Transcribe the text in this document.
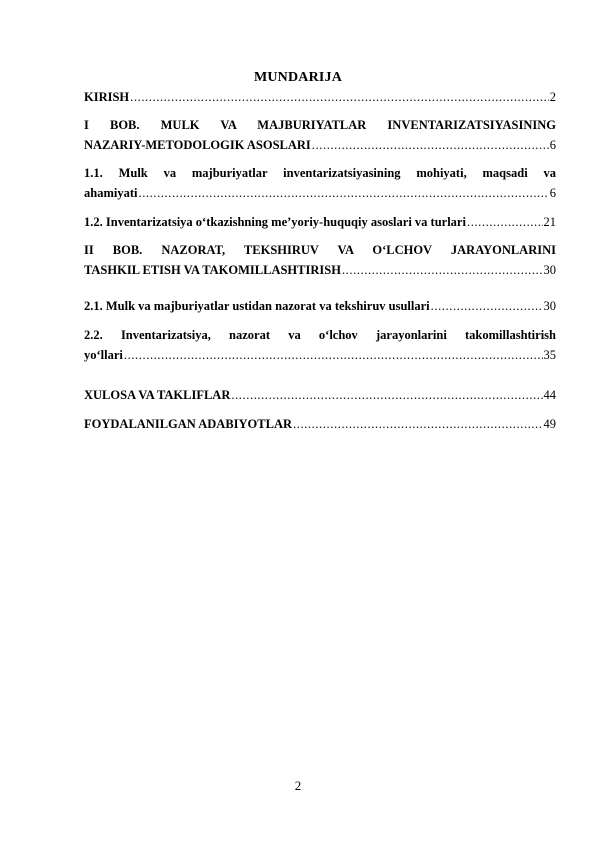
MUNDARIJA
KIRISH .....	2
I BOB. MULK VA MAJBURIYATLAR INVENTARIZATSIYASINING
NAZARIY-METODOLOGIK ASOSLARI .....	6
1.1. Mulk va majburiyatlar inventarizatsiyasining mohiyati, maqsadi va
ahamiyati .....	6
1.2. Inventarizatsiya o‘tkazishning me’yoriy-huquqiy asoslari va turlari .....	21
II BOB. NAZORAT, TEKSHIRUV VA O‘LCHOV JARAYONLARINI
TASHKIL ETISH VA TAKOMILLASHTIRISH .....	30
2.1. Mulk va majburiyatlar ustidan nazorat va tekshiruv usullari .....	30
2.2. Inventarizatsiya, nazorat va o‘lchov jarayonlarini takomillashtirish
yo‘llari .....	35
XULOSA VA TAKLIFLAR .....	44
FOYDALANILGAN ADABIYOTLAR .....	49
2
